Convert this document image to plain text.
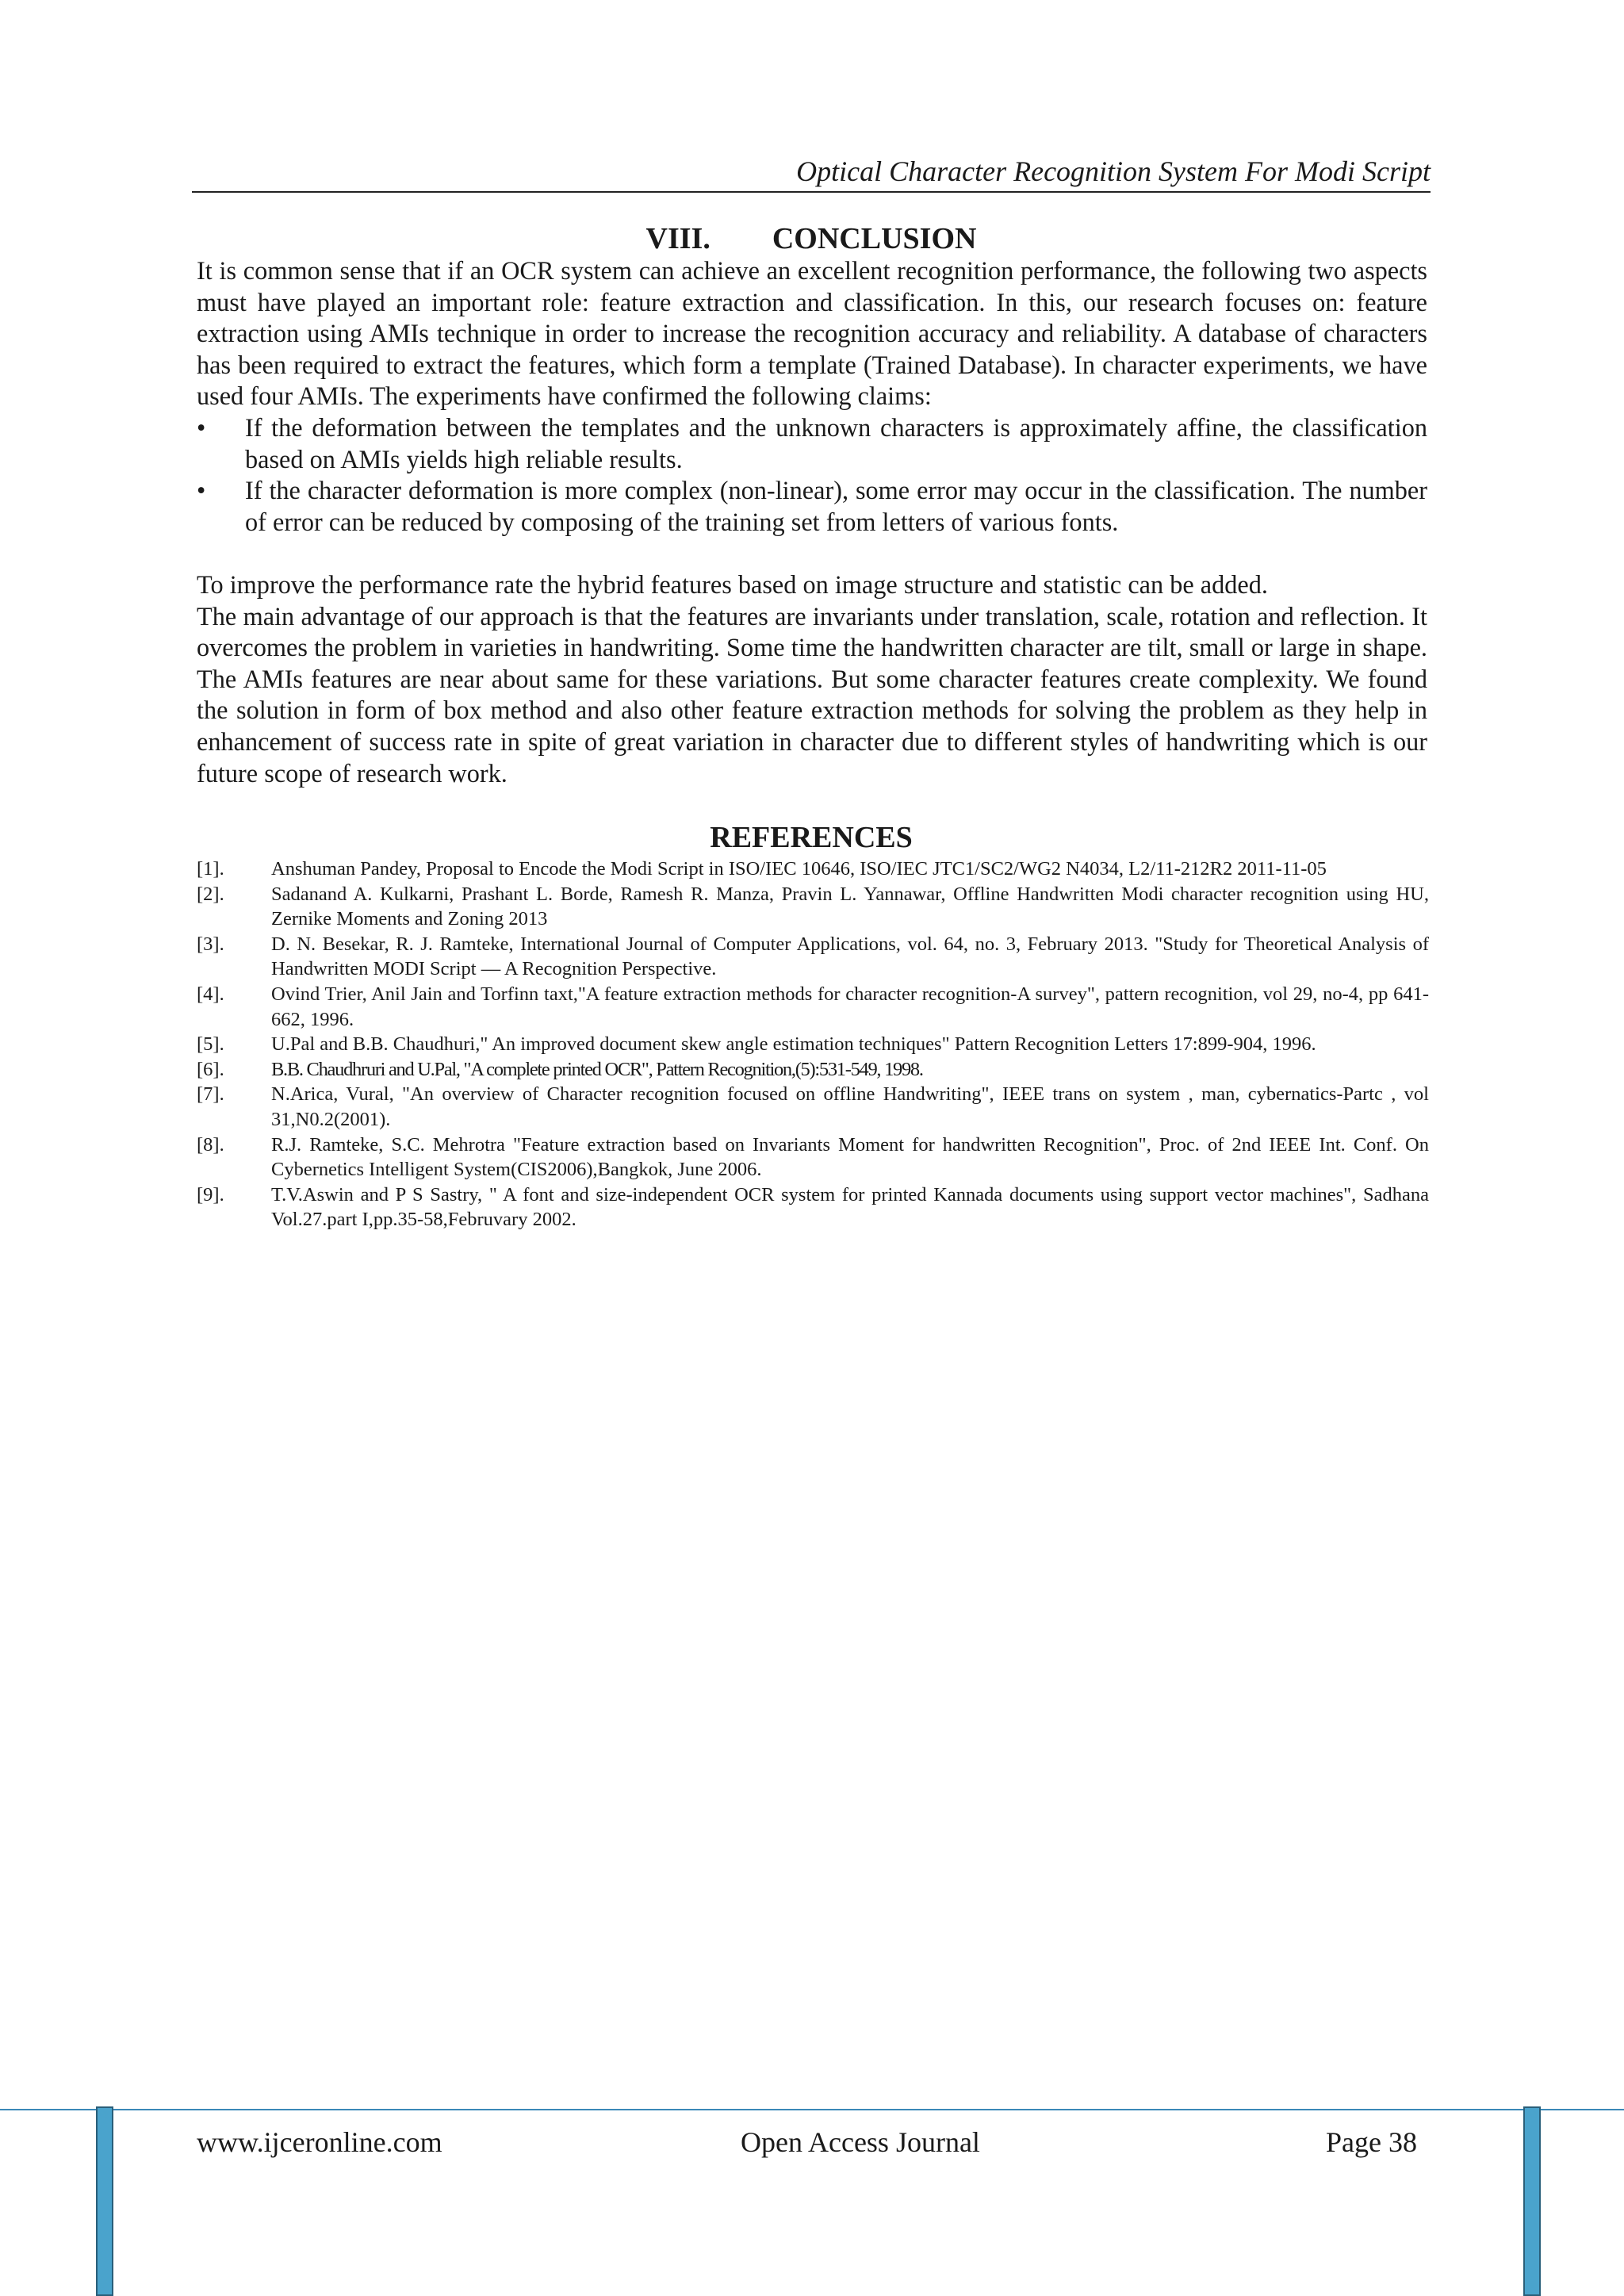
Optical Character Recognition System For Modi Script
VIII. CONCLUSION

It is common sense that if an OCR system can achieve an excellent recognition performance, the following two aspects must have played an important role: feature extraction and classification. In this, our research focuses on: feature extraction using AMIs technique in order to increase the recognition accuracy and reliability. A database of characters has been required to extract the features, which form a template (Trained Database). In character experiments, we have used four AMIs. The experiments have confirmed the following claims:

• If the deformation between the templates and the unknown characters is approximately affine, the classification based on AMIs yields high reliable results.
• If the character deformation is more complex (non-linear), some error may occur in the classification. The number of error can be reduced by composing of the training set from letters of various fonts.

To improve the performance rate the hybrid features based on image structure and statistic can be added.

The main advantage of our approach is that the features are invariants under translation, scale, rotation and reflection. It overcomes the problem in varieties in handwriting. Some time the handwritten character are tilt, small or large in shape. The AMIs features are near about same for these variations. But some character features create complexity. We found the solution in form of box method and also other feature extraction methods for solving the problem as they help in enhancement of success rate in spite of great variation in character due to different styles of handwriting which is our future scope of research work.

REFERENCES
[1]. Anshuman Pandey, Proposal to Encode the Modi Script in ISO/IEC 10646, ISO/IEC JTC1/SC2/WG2 N4034, L2/11-212R2 2011-11-05
[2]. Sadanand A. Kulkarni, Prashant L. Borde, Ramesh R. Manza, Pravin L. Yannawar, Offline Handwritten Modi character recognition using HU, Zernike Moments and Zoning 2013
[3]. D. N. Besekar, R. J. Ramteke, International Journal of Computer Applications, vol. 64, no. 3, February 2013. "Study for Theoretical Analysis of Handwritten MODI Script — A Recognition Perspective.
[4]. Ovind Trier, Anil Jain and Torfinn taxt,"A feature extraction methods for character recognition-A survey", pattern recognition, vol 29, no-4, pp 641-662, 1996.
[5]. U.Pal and B.B. Chaudhuri," An improved document skew angle estimation techniques" Pattern Recognition Letters 17:899-904, 1996.
[6]. B.B. Chaudhruri and U.Pal, "A complete printed OCR", Pattern Recognition,(5):531-549, 1998.
[7]. N.Arica, Vural, "An overview of Character recognition focused on offline Handwriting", IEEE trans on system , man, cybernatics-Partc , vol 31,N0.2(2001).
[8]. R.J. Ramteke, S.C. Mehrotra "Feature extraction based on Invariants Moment for handwritten Recognition", Proc. of 2nd IEEE Int. Conf. On Cybernetics Intelligent System(CIS2006),Bangkok, June 2006.
[9]. T.V.Aswin and P S Sastry, " A font and size-independent OCR system for printed Kannada documents using support vector machines", Sadhana Vol.27.part I,pp.35-58,Februvary 2002.
www.ijceronline.com	Open Access Journal	Page 38
